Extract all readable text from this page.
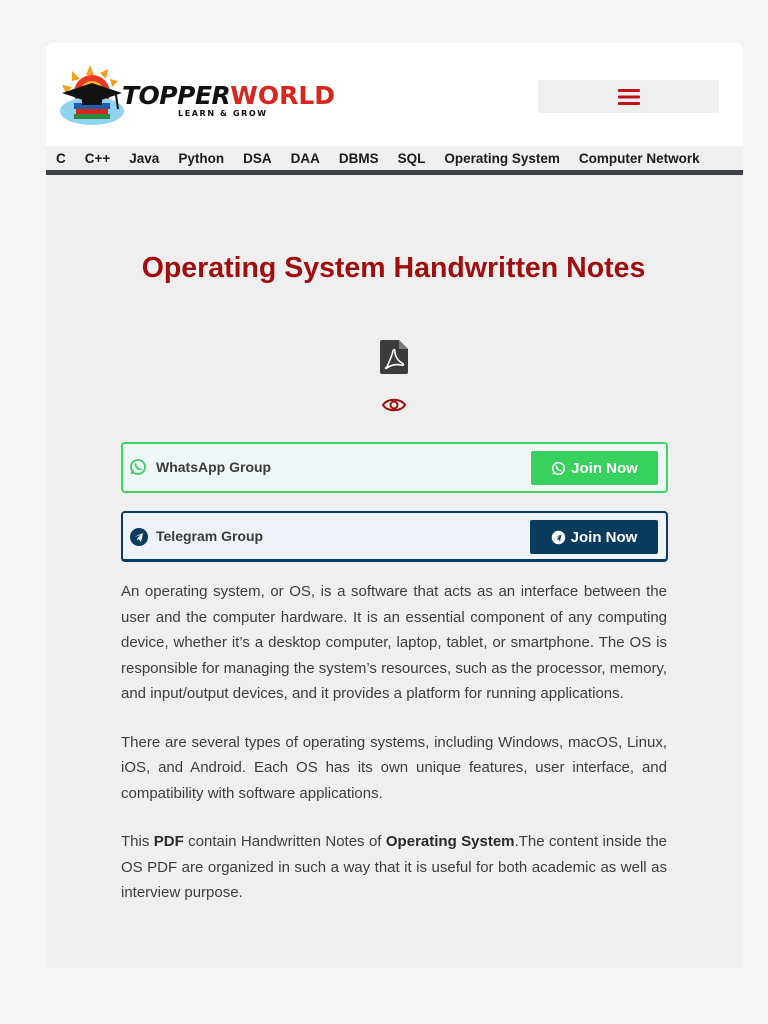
TOPPERWORLD
LEARN & GROW
C C++ Java Python DSA DAA DBMS SQL Operating System Computer Network
Operating System Handwritten Notes
WhatsApp Group	Join Now
Telegram Group	Join Now

An operating system, or OS, is a software that acts as an interface between the user and the computer hardware. It is an essential component of any computing device, whether it’s a desktop computer, laptop, tablet, or smartphone. The OS is responsible for managing the system’s resources, such as the processor, memory, and input/output devices, and it provides a platform for running applications.

There are several types of operating systems, including Windows, macOS, Linux, iOS, and Android. Each OS has its own unique features, user interface, and compatibility with software applications.

This PDF contain Handwritten Notes of Operating System.The content inside the OS PDF are organized in such a way that it is useful for both academic as well as interview purpose.
